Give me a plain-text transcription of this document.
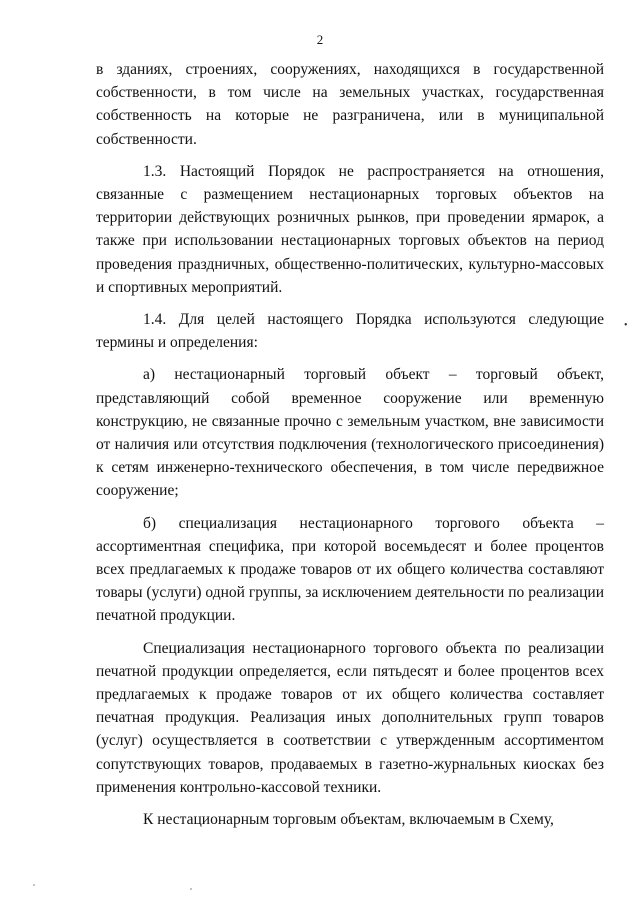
2

в зданиях, строениях, сооружениях, находящихся в государственной собственности, в том числе на земельных участках, государственная собственность на которые не разграничена, или в муниципальной собственности.

1.3. Настоящий Порядок не распространяется на отношения, связанные с размещением нестационарных торговых объектов на территории действующих розничных рынков, при проведении ярмарок, а также при использовании нестационарных торговых объектов на период проведения праздничных, общественно-политических, культурно-массовых и спортивных мероприятий.

1.4. Для целей настоящего Порядка используются следующие термины и определения:

а) нестационарный торговый объект – торговый объект, представляющий собой временное сооружение или временную конструкцию, не связанные прочно с земельным участком, вне зависимости от наличия или отсутствия подключения (технологического присоединения) к сетям инженерно-технического обеспечения, в том числе передвижное сооружение;

б) специализация нестационарного торгового объекта – ассортиментная специфика, при которой восемьдесят и более процентов всех предлагаемых к продаже товаров от их общего количества составляют товары (услуги) одной группы, за исключением деятельности по реализации печатной продукции.

Специализация нестационарного торгового объекта по реализации печатной продукции определяется, если пятьдесят и более процентов всех предлагаемых к продаже товаров от их общего количества составляет печатная продукция. Реализация иных дополнительных групп товаров (услуг) осуществляется в соответствии с утвержденным ассортиментом сопутствующих товаров, продаваемых в газетно-журнальных киосках без применения контрольно-кассовой техники.

К нестационарным торговым объектам, включаемым в Схему,

•
